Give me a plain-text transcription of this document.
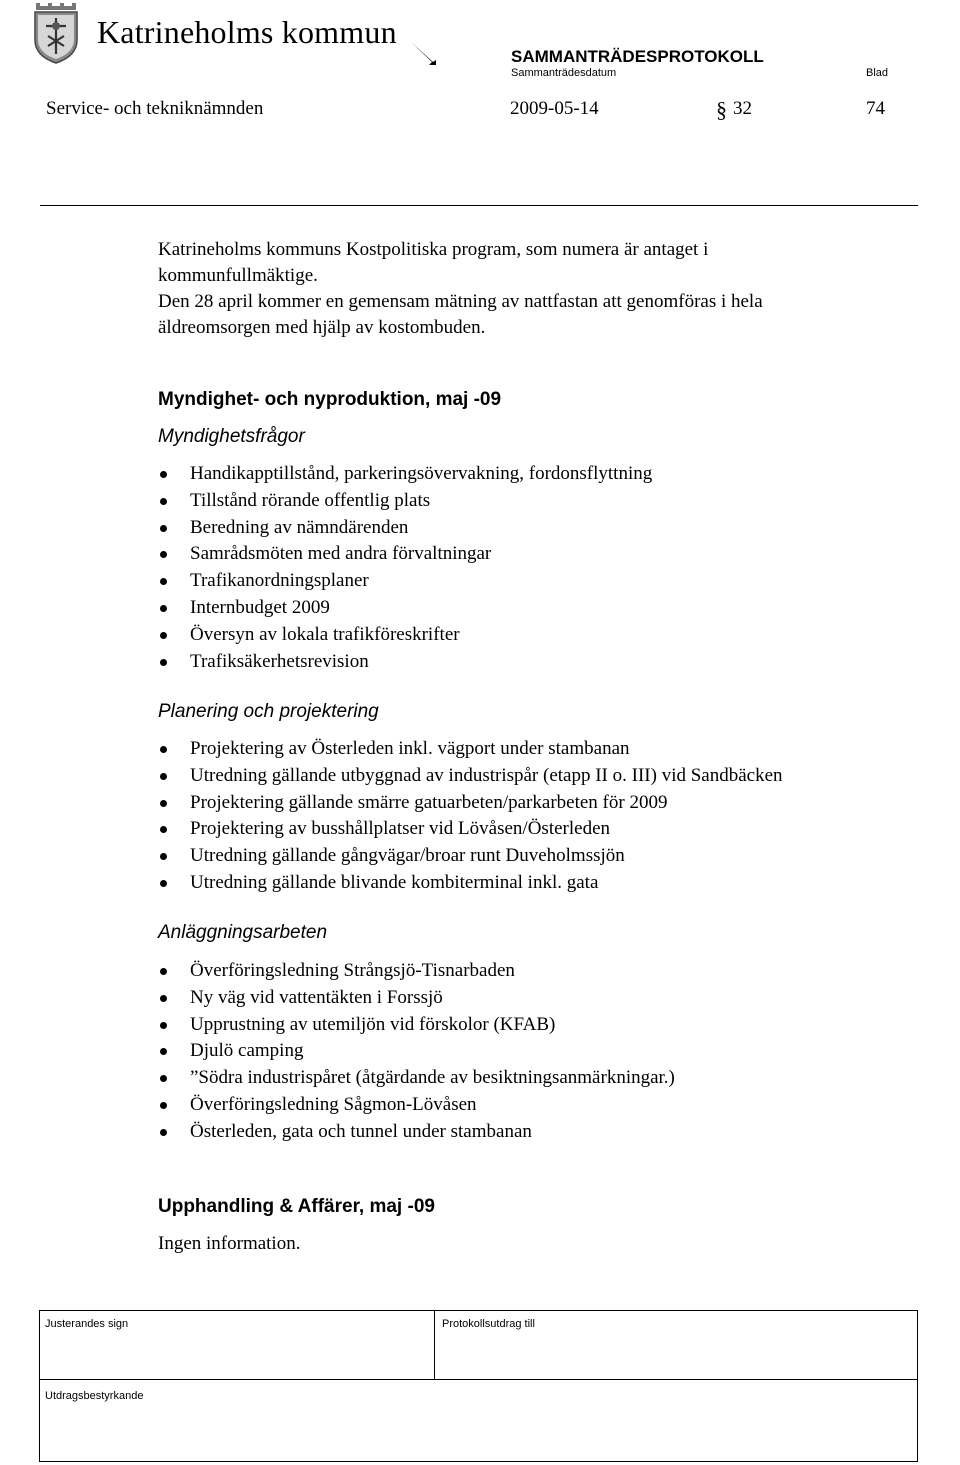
Katrineholms kommun
SAMMANTRÄDESPROTOKOLL
Sammanträdesdatum	Blad
Service- och tekniknämnden	2009-05-14	§ 32	74
Katrineholms kommuns Kostpolitiska program, som numera är antaget i
kommunfullmäktige.
Den 28 april kommer en gemensam mätning av nattfastan att genomföras i hela
äldreomsorgen med hjälp av kostombuden.
Myndighet- och nyproduktion, maj -09
Myndighetsfrågor
Handikapptillstånd, parkeringsövervakning, fordonsflyttning
Tillstånd rörande offentlig plats
Beredning av nämndärenden
Samrådsmöten med andra förvaltningar
Trafikanordningsplaner
Internbudget 2009
Översyn av lokala trafikföreskrifter
Trafiksäkerhetsrevision
Planering och projektering
Projektering av Österleden inkl. vägport under stambanan
Utredning gällande utbyggnad av industrispår (etapp II o. III) vid Sandbäcken
Projektering gällande smärre gatuarbeten/parkarbeten för 2009
Projektering av busshållplatser vid Lövåsen/Österleden
Utredning gällande gångvägar/broar runt Duveholmssjön
Utredning gällande blivande kombiterminal inkl. gata
Anläggningsarbeten
Överföringsledning Strångsjö-Tisnarbaden
Ny väg vid vattentäkten i Forssjö
Upprustning av utemiljön vid förskolor (KFAB)
Djulö camping
”Södra industrispåret (åtgärdande av besiktningsanmärkningar.)
Överföringsledning Sågmon-Lövåsen
Österleden, gata och tunnel under stambanan
Upphandling & Affärer, maj -09
Ingen information.
Justerandes sign	Protokollsutdrag till
Utdragsbestyrkande
